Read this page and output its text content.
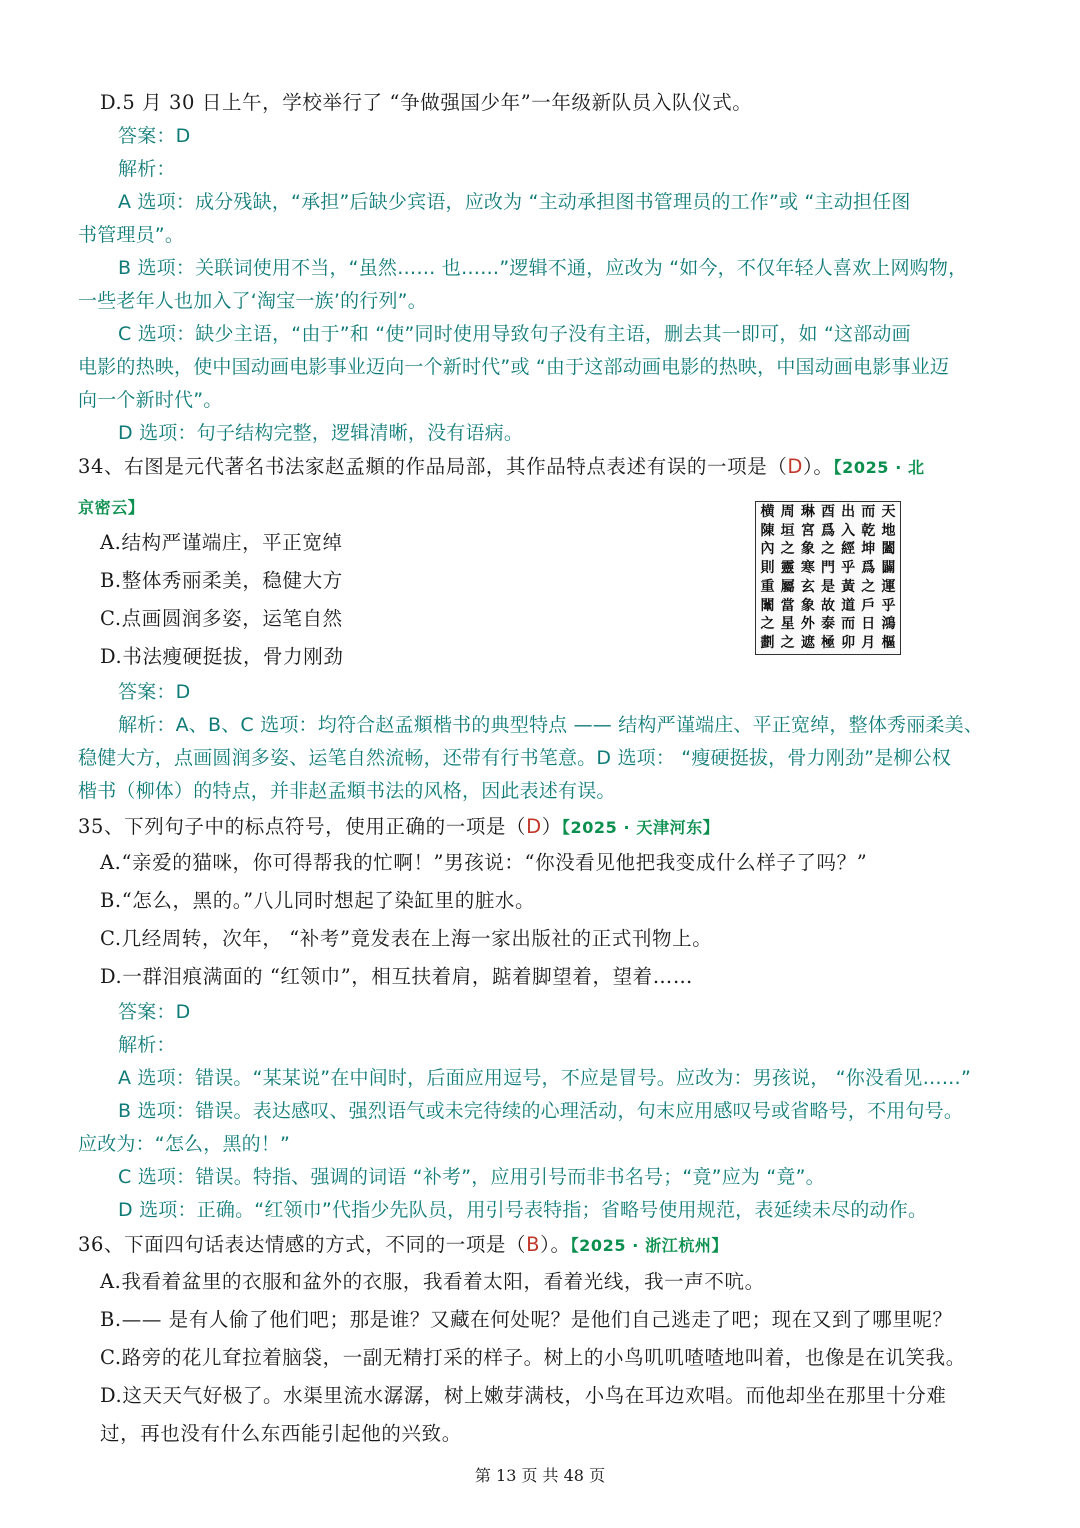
D.5 月 30 日上午，学校举行了 “争做强国少年”一年级新队员入队仪式。
答案：D
解析：
A 选项：成分残缺，“承担”后缺少宾语，应改为 “主动承担图书管理员的工作”或 “主动担任图
书管理员”。
B 选项：关联词使用不当，“虽然…… 也……”逻辑不通，应改为 “如今，不仅年轻人喜欢上网购物，
一些老年人也加入了‘淘宝一族’的行列”。
C 选项：缺少主语，“由于”和 “使”同时使用导致句子没有主语，删去其一即可，如 “这部动画
电影的热映，使中国动画电影事业迈向一个新时代”或 “由于这部动画电影的热映，中国动画电影事业迈
向一个新时代”。
D 选项：句子结构完整，逻辑清晰，没有语病。
34、右图是元代著名书法家赵孟頫的作品局部，其作品特点表述有误的一项是（D）。【2025 · 北
京密云】
A.结构严谨端庄，平正宽绰
B.整体秀丽柔美，稳健大方
C.点画圆润多姿，运笔自然
D.书法瘦硬挺拔，骨力刚劲
答案：D
解析：A、B、C 选项：均符合赵孟頫楷书的典型特点 —— 结构严谨端庄、平正宽绰，整体秀丽柔美、
稳健大方，点画圆润多姿、运笔自然流畅，还带有行书笔意。D 选项： “瘦硬挺拔，骨力刚劲”是柳公权
楷书（柳体）的特点，并非赵孟頫书法的风格，因此表述有误。
35、下列句子中的标点符号，使用正确的一项是（D）【2025 · 天津河东】
A.“亲爱的猫咪，你可得帮我的忙啊！”男孩说：“你没看见他把我变成什么样子了吗？”
B.“怎么，黑的。”八儿同时想起了染缸里的脏水。
C.几经周转，次年， “补考”竟发表在上海一家出版社的正式刊物上。
D.一群泪痕满面的 “红领巾”，相互扶着肩，踮着脚望着，望着……
答案：D
解析：
A 选项：错误。“某某说”在中间时，后面应用逗号，不应是冒号。应改为：男孩说， “你没看见……”
B 选项：错误。表达感叹、强烈语气或未完待续的心理活动，句末应用感叹号或省略号，不用句号。
应改为：“怎么，黑的！”
C 选项：错误。特指、强调的词语 “补考”，应用引号而非书名号；“竟”应为 “竟”。
D 选项：正确。“红领巾”代指少先队员，用引号表特指；省略号使用规范，表延续未尽的动作。
36、下面四句话表达情感的方式，不同的一项是（B）。【2025 · 浙江杭州】
A.我看着盆里的衣服和盆外的衣服，我看着太阳，看着光线，我一声不吭。
B.—— 是有人偷了他们吧；那是谁？又藏在何处呢？是他们自己逃走了吧；现在又到了哪里呢？
C.路旁的花儿耷拉着脑袋，一副无精打采的样子。树上的小鸟叽叽喳喳地叫着，也像是在讥笑我。
D.这天天气好极了。水渠里流水潺潺，树上嫩芽满枝，小鸟在耳边欢唱。而他却坐在那里十分难
过，再也没有什么东西能引起他的兴致。
天
地
闔
闢
運
乎
鴻
樞
而
乾
坤
爲
之
戶
日
月
出
入
經
乎
黃
道
而
卯
酉
爲
之
門
是
故
泰
極
琳
宮
象
寒
玄
象
外
遮
周
垣
之
靈
屬
當
星
之
横
陳
內
則
重
闈
之
劃
第 13 页 共 48 页
